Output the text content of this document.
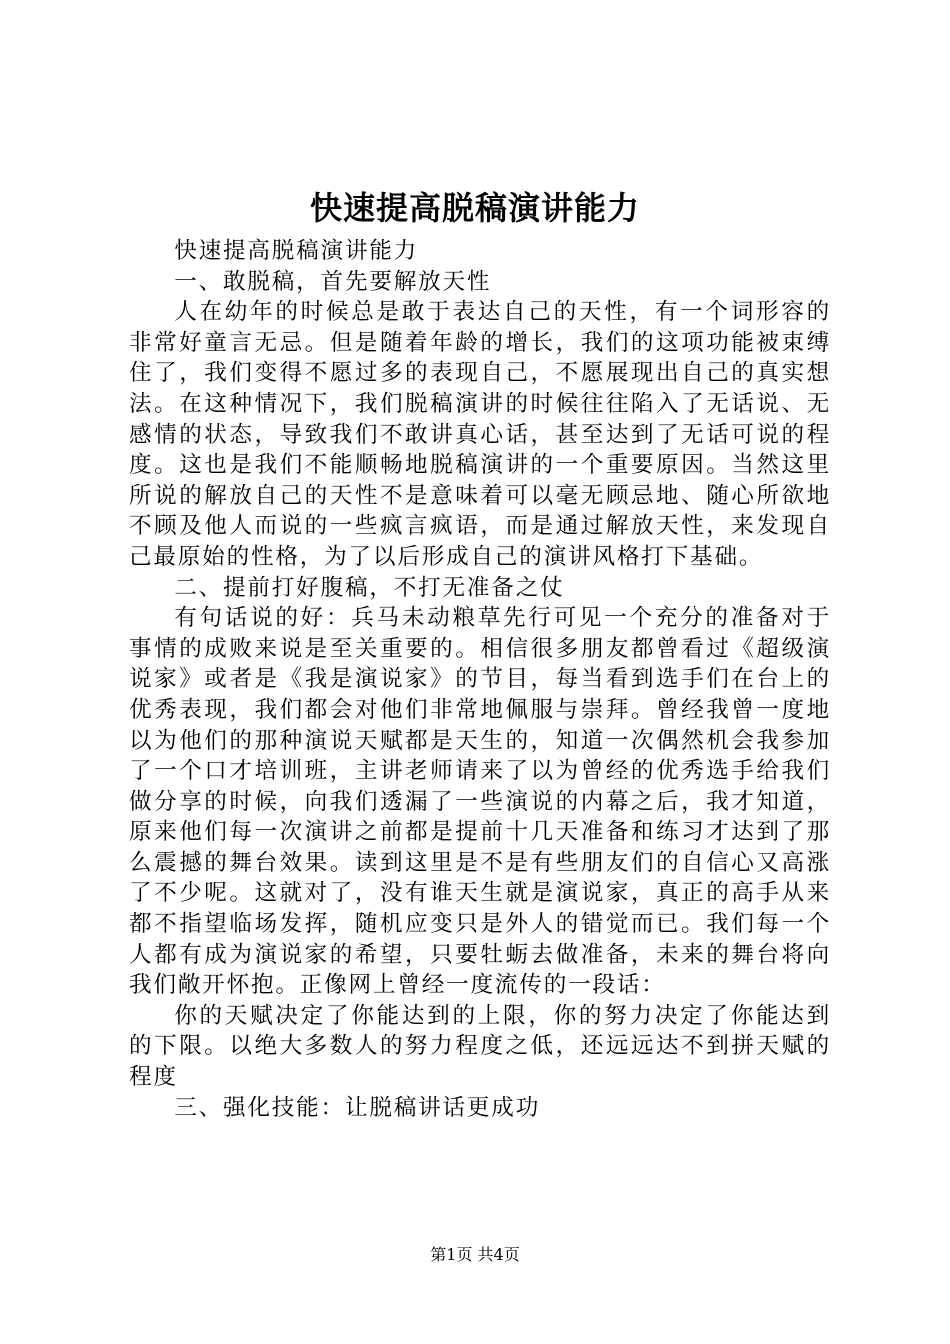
快速提高脱稿演讲能力

快速提高脱稿演讲能力

一、敢脱稿，首先要解放天性

人在幼年的时候总是敢于表达自己的天性，有一个词形容的非常好童言无忌。但是随着年龄的增长，我们的这项功能被束缚住了，我们变得不愿过多的表现自己，不愿展现出自己的真实想法。在这种情况下，我们脱稿演讲的时候往往陷入了无话说、无感情的状态，导致我们不敢讲真心话，甚至达到了无话可说的程度。这也是我们不能顺畅地脱稿演讲的一个重要原因。当然这里所说的解放自己的天性不是意味着可以毫无顾忌地、随心所欲地不顾及他人而说的一些疯言疯语，而是通过解放天性，来发现自己最原始的性格，为了以后形成自己的演讲风格打下基础。

二、提前打好腹稿，不打无准备之仗

有句话说的好：兵马未动粮草先行可见一个充分的准备对于事情的成败来说是至关重要的。相信很多朋友都曾看过《超级演说家》或者是《我是演说家》的节目，每当看到选手们在台上的优秀表现，我们都会对他们非常地佩服与崇拜。曾经我曾一度地以为他们的那种演说天赋都是天生的，知道一次偶然机会我参加了一个口才培训班，主讲老师请来了以为曾经的优秀选手给我们做分享的时候，向我们透漏了一些演说的内幕之后，我才知道，原来他们每一次演讲之前都是提前十几天准备和练习才达到了那么震撼的舞台效果。读到这里是不是有些朋友们的自信心又高涨了不少呢。这就对了，没有谁天生就是演说家，真正的高手从来都不指望临场发挥，随机应变只是外人的错觉而已。我们每一个人都有成为演说家的希望，只要牡蛎去做准备，未来的舞台将向我们敞开怀抱。正像网上曾经一度流传的一段话：

你的天赋决定了你能达到的上限，你的努力决定了你能达到的下限。以绝大多数人的努力程度之低，还远远达不到拼天赋的程度

三、强化技能：让脱稿讲话更成功

第1页 共4页
